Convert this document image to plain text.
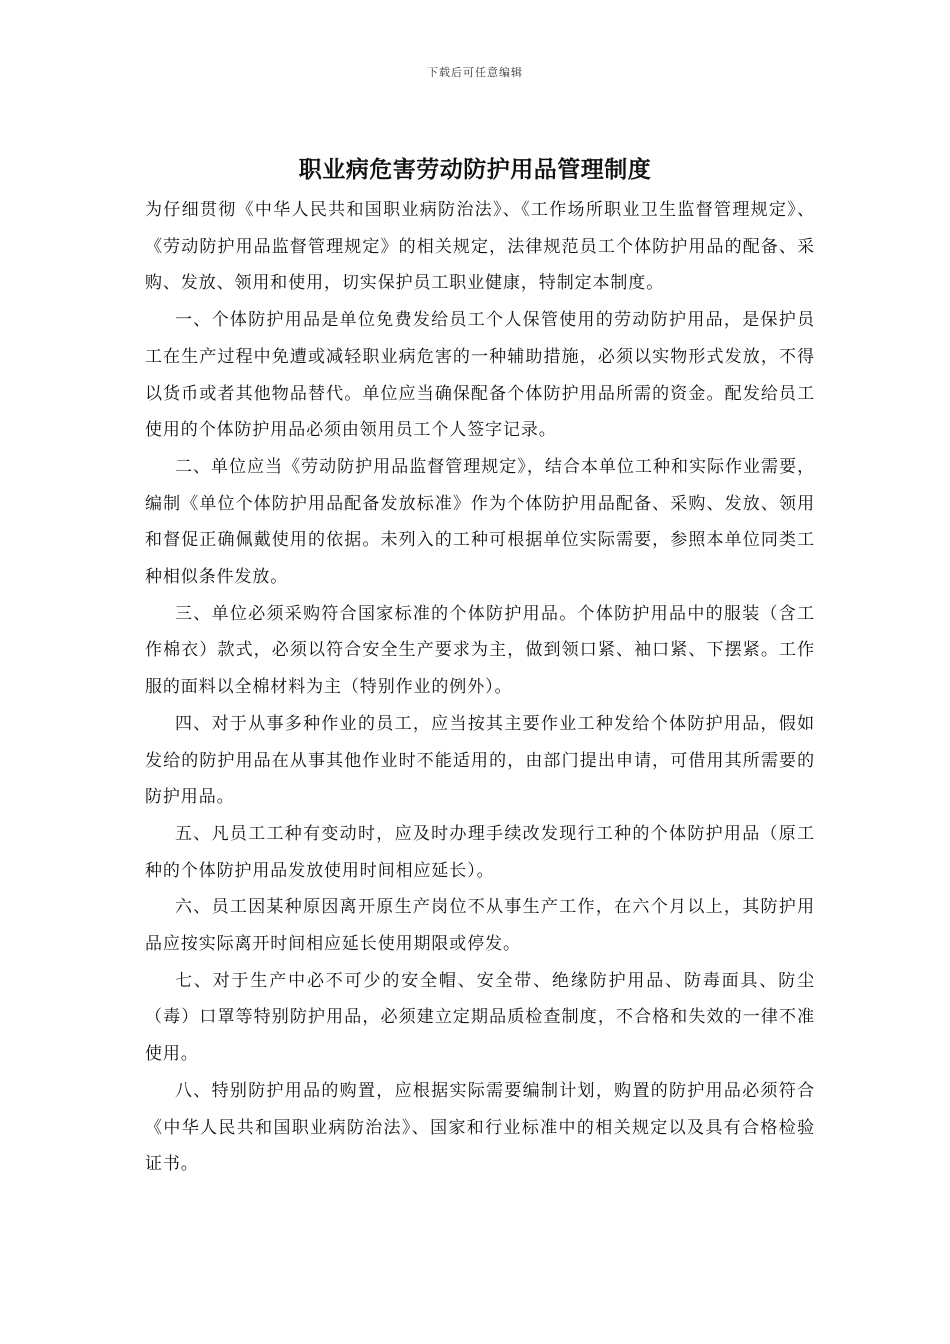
下载后可任意编辑
职业病危害劳动防护用品管理制度

为仔细贯彻《中华人民共和国职业病防治法》、《工作场所职业卫生监督管理规定》、《劳动防护用品监督管理规定》的相关规定，法律规范员工个体防护用品的配备、采购、发放、领用和使用，切实保护员工职业健康，特制定本制度。

一、个体防护用品是单位免费发给员工个人保管使用的劳动防护用品，是保护员工在生产过程中免遭或减轻职业病危害的一种辅助措施，必须以实物形式发放，不得以货币或者其他物品替代。单位应当确保配备个体防护用品所需的资金。配发给员工使用的个体防护用品必须由领用员工个人签字记录。

二、单位应当《劳动防护用品监督管理规定》，结合本单位工种和实际作业需要，编制《单位个体防护用品配备发放标准》作为个体防护用品配备、采购、发放、领用和督促正确佩戴使用的依据。未列入的工种可根据单位实际需要，参照本单位同类工种相似条件发放。

三、单位必须采购符合国家标准的个体防护用品。个体防护用品中的服装（含工作棉衣）款式，必须以符合安全生产要求为主，做到领口紧、袖口紧、下摆紧。工作服的面料以全棉材料为主（特别作业的例外）。

四、对于从事多种作业的员工，应当按其主要作业工种发给个体防护用品，假如发给的防护用品在从事其他作业时不能适用的，由部门提出申请，可借用其所需要的防护用品。

五、凡员工工种有变动时，应及时办理手续改发现行工种的个体防护用品（原工种的个体防护用品发放使用时间相应延长）。

六、员工因某种原因离开原生产岗位不从事生产工作，在六个月以上，其防护用品应按实际离开时间相应延长使用期限或停发。

七、对于生产中必不可少的安全帽、安全带、绝缘防护用品、防毒面具、防尘（毒）口罩等特别防护用品，必须建立定期品质检查制度，不合格和失效的一律不准使用。

八、特别防护用品的购置，应根据实际需要编制计划，购置的防护用品必须符合《中华人民共和国职业病防治法》、国家和行业标准中的相关规定以及具有合格检验证书。
